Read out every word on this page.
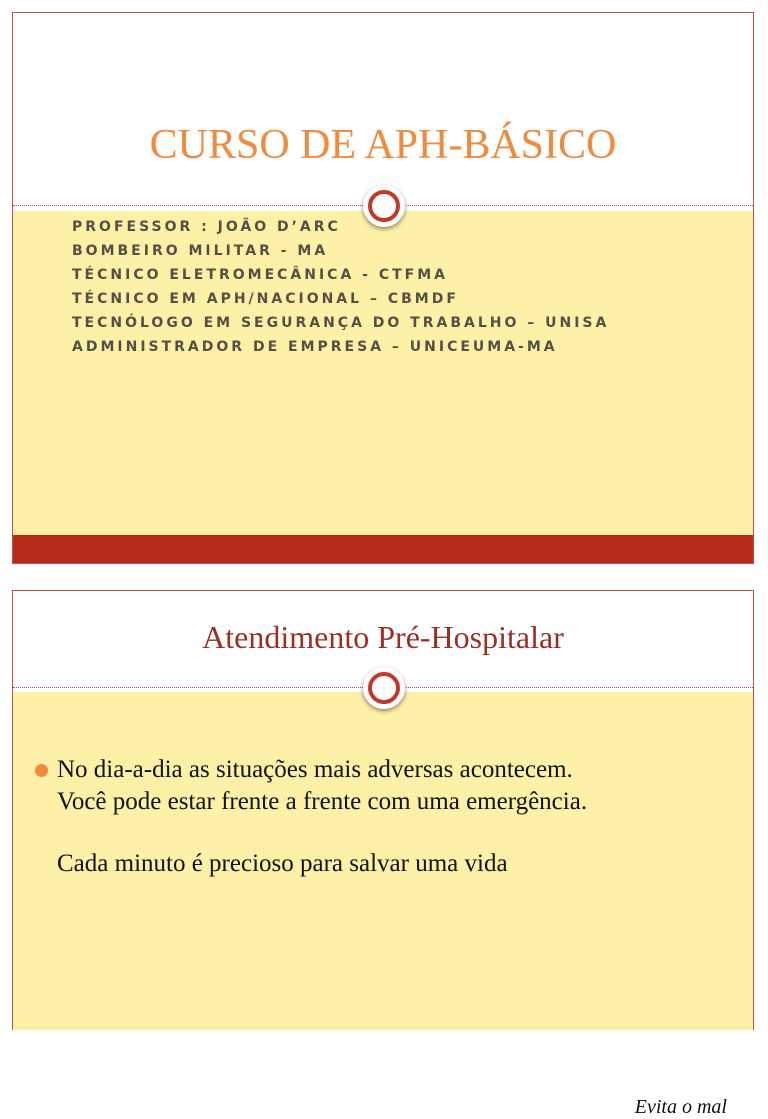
CURSO DE APH-BÁSICO
PROFESSOR : JOÃO D’ARC
BOMBEIRO MILITAR - MA
TÉCNICO ELETROMECÂNICA - CTFMA
TÉCNICO EM APH/NACIONAL – CBMDF
TECNÓLOGO EM SEGURANÇA DO TRABALHO – UNISA
ADMINISTRADOR DE EMPRESA – UNICEUMA-MA
Atendimento Pré-Hospitalar
Evita o mal
No dia-a-dia as situações mais adversas acontecem.
Você pode estar frente a frente com uma emergência.
Cada minuto é precioso para salvar uma vida
